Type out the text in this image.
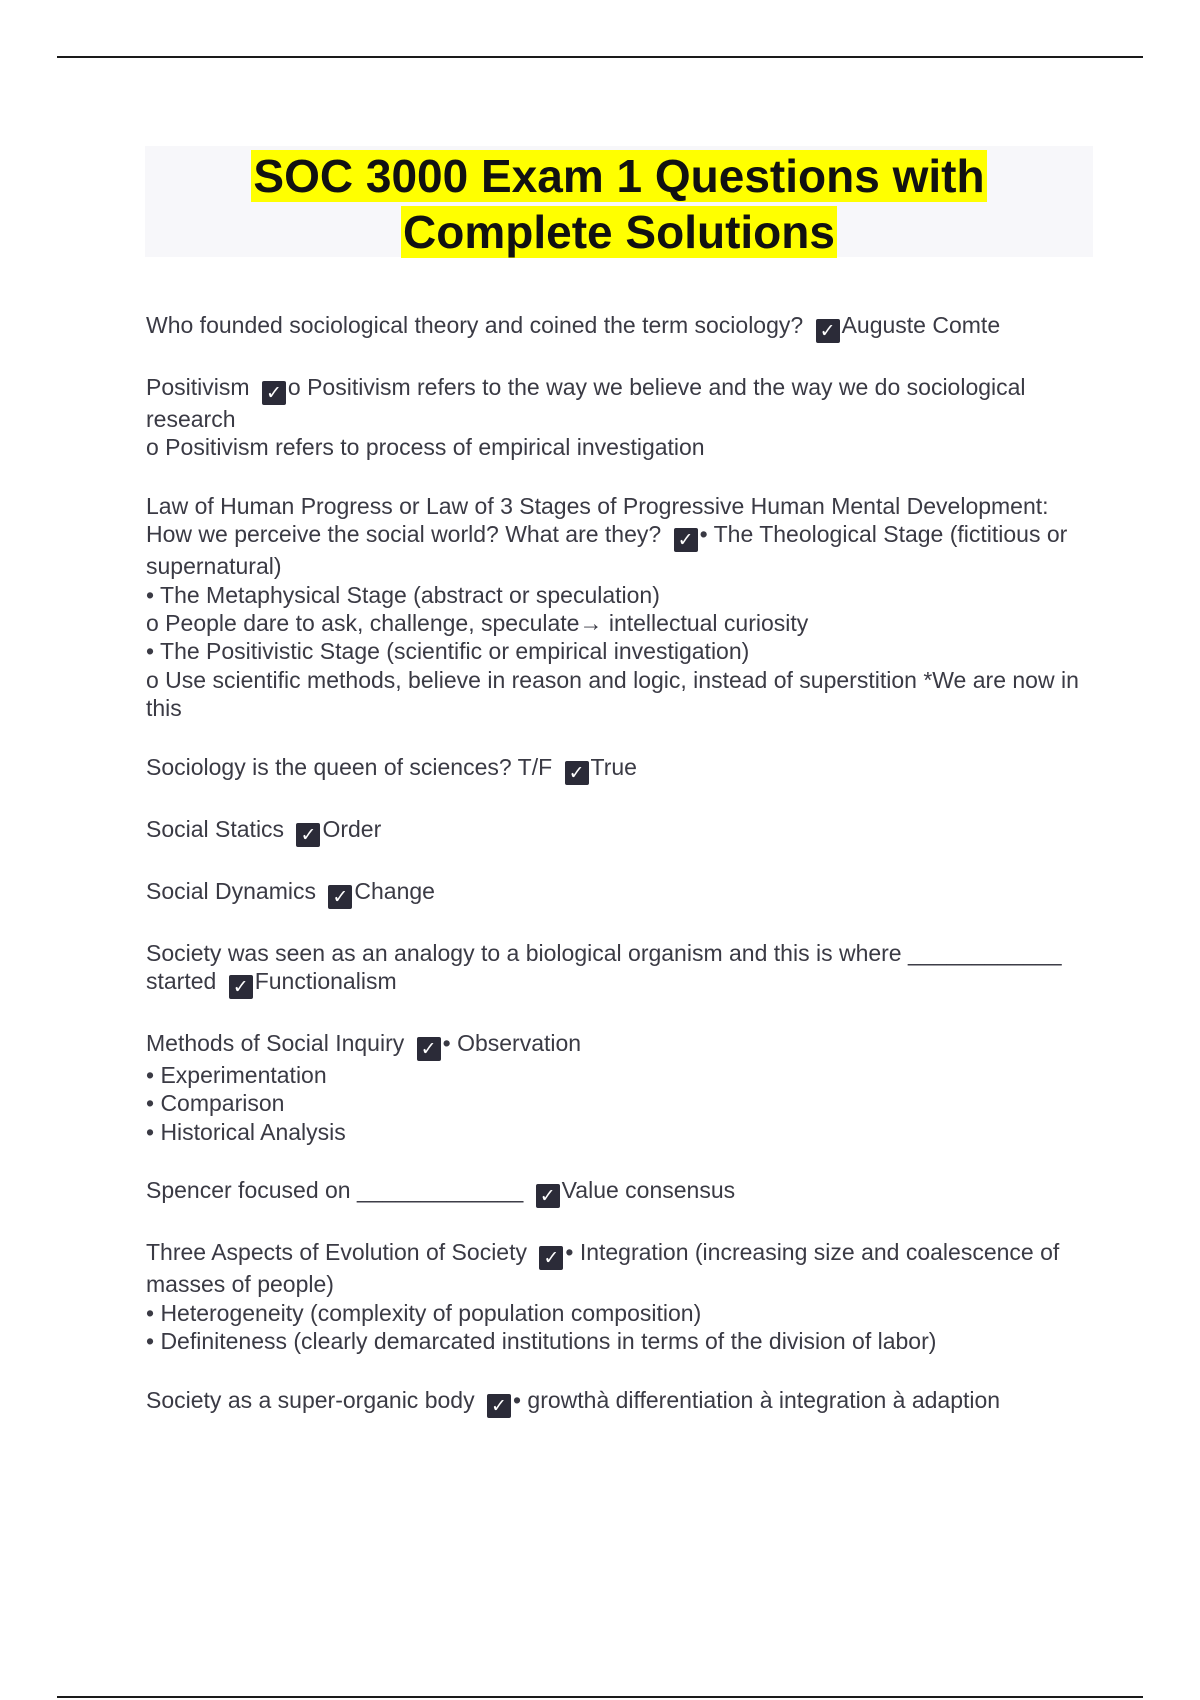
SOC 3000 Exam 1 Questions with
Complete Solutions

Who founded sociological theory and coined the term sociology? ✓ Auguste Comte

Positivism ✓ o Positivism refers to the way we believe and the way we do sociological research
o Positivism refers to process of empirical investigation

Law of Human Progress or Law of 3 Stages of Progressive Human Mental Development: How we perceive the social world? What are they? ✓ • The Theological Stage (fictitious or supernatural)
• The Metaphysical Stage (abstract or speculation)
o People dare to ask, challenge, speculate→ intellectual curiosity
• The Positivistic Stage (scientific or empirical investigation)
o Use scientific methods, believe in reason and logic, instead of superstition *We are now in this

Sociology is the queen of sciences? T/F ✓ True

Social Statics ✓ Order

Social Dynamics ✓ Change

Society was seen as an analogy to a biological organism and this is where ____________ started ✓ Functionalism

Methods of Social Inquiry ✓ • Observation
• Experimentation
• Comparison
• Historical Analysis

Spencer focused on _____________ ✓ Value consensus

Three Aspects of Evolution of Society ✓ • Integration (increasing size and coalescence of masses of people)
• Heterogeneity (complexity of population composition)
• Definiteness (clearly demarcated institutions in terms of the division of labor)

Society as a super-organic body ✓ • growthà differentiation à integration à adaption
